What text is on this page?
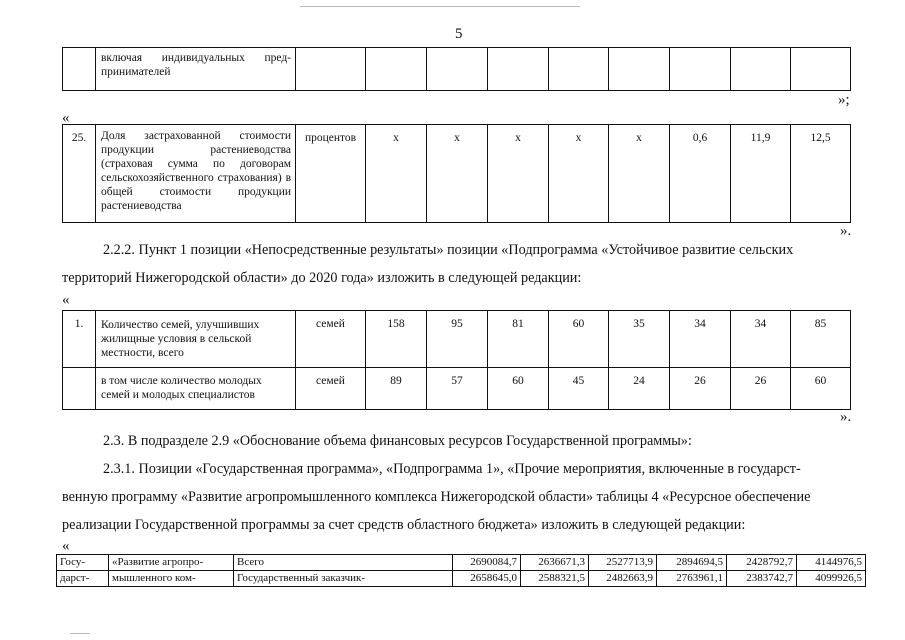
5
	включая индивидуальных пред-принимателей									
»;
«
25.	Доля застрахованной стоимости продукции растениеводства (страховая сумма по договорам сельскохозяйственного страхования) в общей стоимости продукции растениеводства	процентов	х	х	х	х	х	0,6	11,9	12,5
».
2.2.2. Пункт 1 позиции «Непосредственные результаты» позиции «Подпрограмма «Устойчивое развитие сельских
территорий Нижегородской области» до 2020 года» изложить в следующей редакции:
«
1.	Количество семей, улучшивших жилищные условия в сельской местности, всего	семей	158	95	81	60	35	34	34	85
	в том числе количество молодых семей и молодых специалистов	семей	89	57	60	45	24	26	26	60
».
2.3. В подразделе 2.9 «Обоснование объема финансовых ресурсов Государственной программы»:
2.3.1. Позиции «Государственная программа», «Подпрограмма 1», «Прочие мероприятия, включенные в государст-
венную программу «Развитие агропромышленного комплекса Нижегородской области» таблицы 4 «Ресурсное обеспечение
реализации Государственной программы за счет средств областного бюджета» изложить в следующей редакции:
«
Госу-	«Развитие агропро-	Всего	2690084,7	2636671,3	2527713,9	2894694,5	2428792,7	4144976,5
дарст-	мышленного ком-	Государственный заказчик-	2658645,0	2588321,5	2482663,9	2763961,1	2383742,7	4099926,5
